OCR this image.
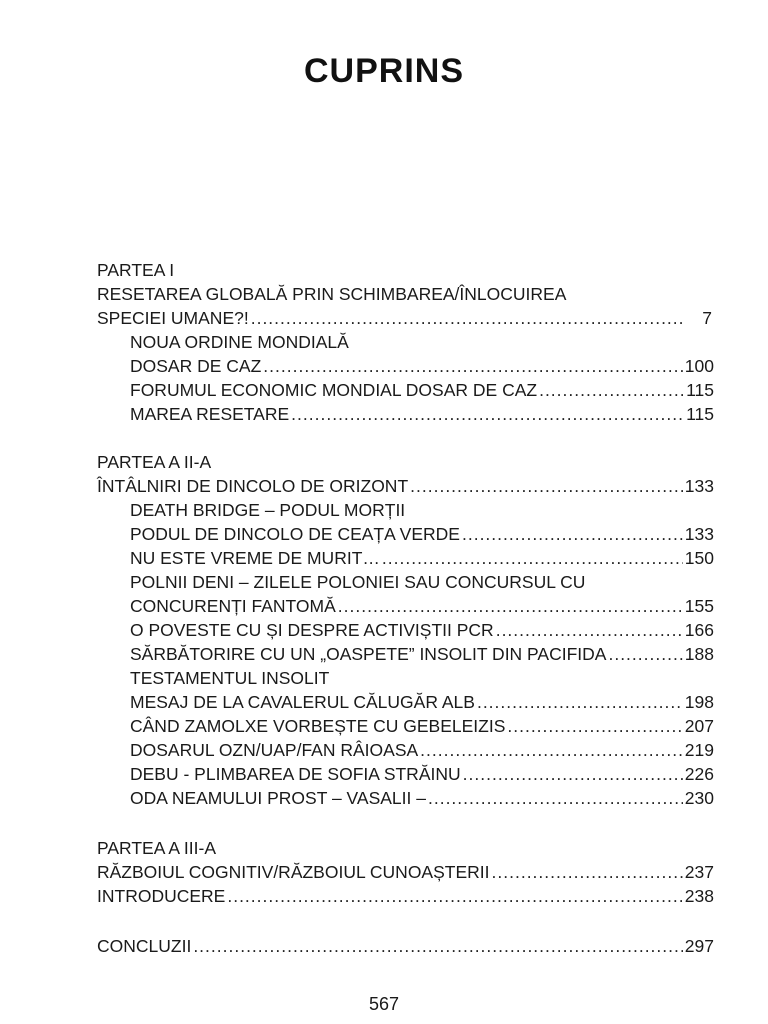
CUPRINS
PARTEA I
RESETAREA GLOBALĂ PRIN SCHIMBAREA/ÎNLOCUIREA
SPECIEI UMANE?! .....	7
NOUA ORDINE MONDIALĂ
DOSAR DE CAZ .....	100
FORUMUL ECONOMIC MONDIAL DOSAR DE CAZ .....	115
MAREA RESETARE .....	115
PARTEA A II-A
ÎNTÂLNIRI DE DINCOLO DE ORIZONT .....	133
DEATH BRIDGE – PODUL MORȚII
PODUL DE DINCOLO DE CEAȚA VERDE .....	133
NU ESTE VREME DE MURIT… .....	150
POLNII DENI – ZILELE POLONIEI SAU CONCURSUL CU
CONCURENȚI FANTOMĂ .....	155
O POVESTE CU ȘI DESPRE ACTIVIȘTII PCR .....	166
SĂRBĂTORIRE CU UN „OASPETE” INSOLIT DIN PACIFIDA .....	188
TESTAMENTUL INSOLIT
MESAJ DE LA CAVALERUL CĂLUGĂR ALB .....	198
CÂND ZAMOLXE VORBEȘTE CU GEBELEIZIS .....	207
DOSARUL OZN/UAP/FAN RÂIOASA .....	219
DEBU - PLIMBAREA DE SOFIA STRĂINU .....	226
ODA NEAMULUI PROST – VASALII – .....	230
PARTEA A III-A
RĂZBOIUL COGNITIV/RĂZBOIUL CUNOAȘTERII .....	237
INTRODUCERE .....	238
CONCLUZII .....	297
567
